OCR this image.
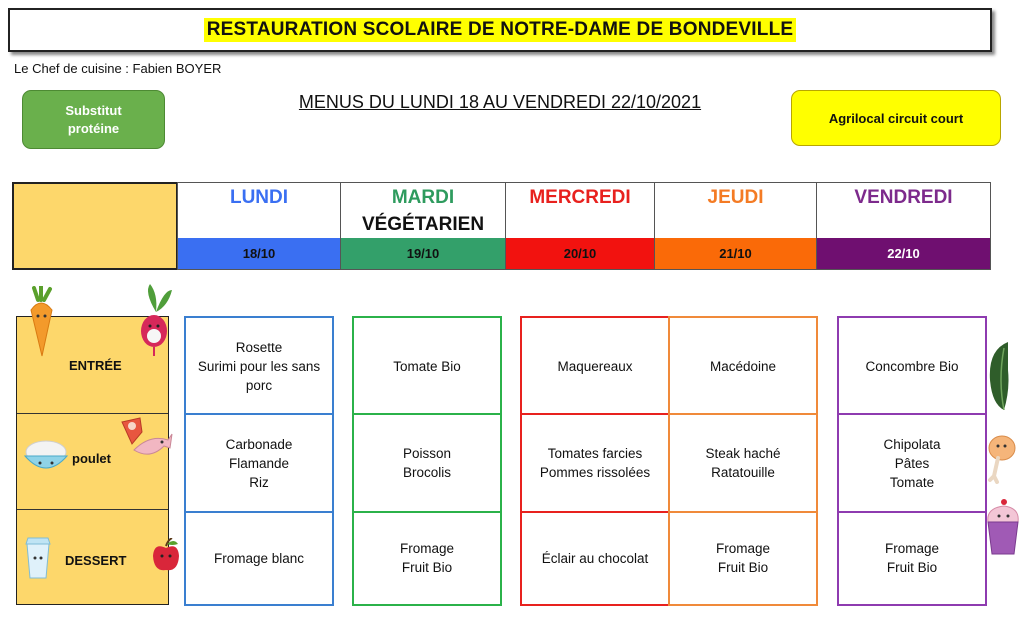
RESTAURATION SCOLAIRE DE NOTRE-DAME DE BONDEVILLE
Le Chef de cuisine : Fabien BOYER
Substitut
protéine
MENUS DU LUNDI 18 AU VENDREDI 22/10/2021
Agrilocal circuit court
LUNDI
18/10
MARDI
VÉGÉTARIEN
19/10
MERCREDI
20/10
JEUDI
21/10
VENDREDI
22/10
ENTRÉE
poulet
DESSERT
Rosette
Surimi pour les sans
porc
Carbonade
Flamande
Riz
Fromage blanc
Tomate Bio
Poisson
Brocolis
Fromage
Fruit Bio
Maquereaux
Tomates farcies
Pommes rissolées
Éclair au chocolat
Macédoine
Steak haché
Ratatouille
Fromage
Fruit Bio
Concombre Bio
Chipolata
Pâtes
Tomate
Fromage
Fruit Bio
